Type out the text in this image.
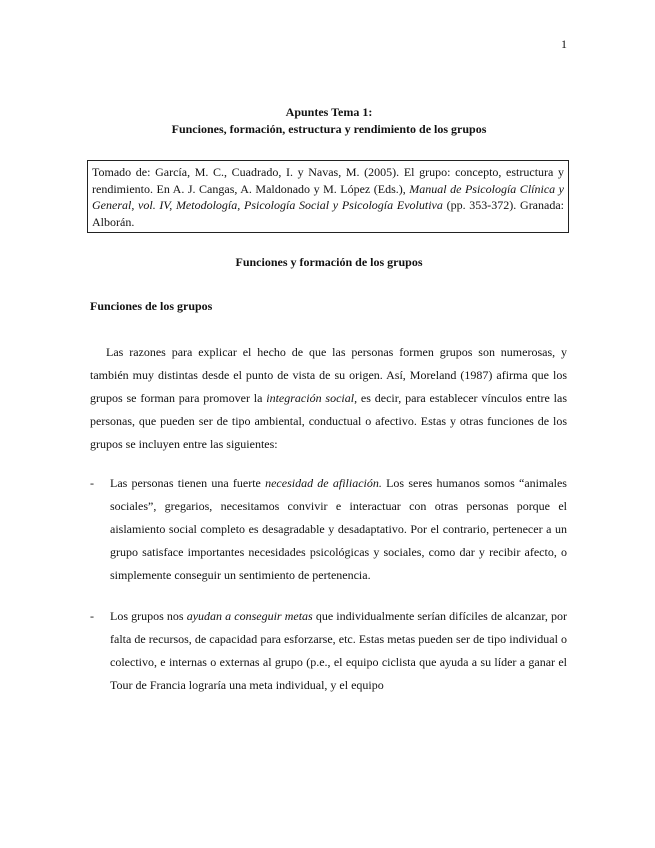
1
Apuntes Tema 1:
Funciones, formación, estructura y rendimiento de los grupos
Tomado de: García, M. C., Cuadrado, I. y Navas, M. (2005). El grupo: concepto, estructura y rendimiento. En A. J. Cangas, A. Maldonado y M. López (Eds.), Manual de Psicología Clínica y General, vol. IV, Metodología, Psicología Social y Psicología Evolutiva (pp. 353-372). Granada: Alborán.
Funciones y formación de los grupos
Funciones de los grupos

Las razones para explicar el hecho de que las personas formen grupos son numerosas, y también muy distintas desde el punto de vista de su origen. Así, Moreland (1987) afirma que los grupos se forman para promover la integración social, es decir, para establecer vínculos entre las personas, que pueden ser de tipo ambiental, conductual o afectivo. Estas y otras funciones de los grupos se incluyen entre las siguientes:

- Las personas tienen una fuerte necesidad de afiliación. Los seres humanos somos “animales sociales”, gregarios, necesitamos convivir e interactuar con otras personas porque el aislamiento social completo es desagradable y desadaptativo. Por el contrario, pertenecer a un grupo satisface importantes necesidades psicológicas y sociales, como dar y recibir afecto, o simplemente conseguir un sentimiento de pertenencia.
- Los grupos nos ayudan a conseguir metas que individualmente serían difíciles de alcanzar, por falta de recursos, de capacidad para esforzarse, etc. Estas metas pueden ser de tipo individual o colectivo, e internas o externas al grupo (p.e., el equipo ciclista que ayuda a su líder a ganar el Tour de Francia lograría una meta individual, y el equipo
